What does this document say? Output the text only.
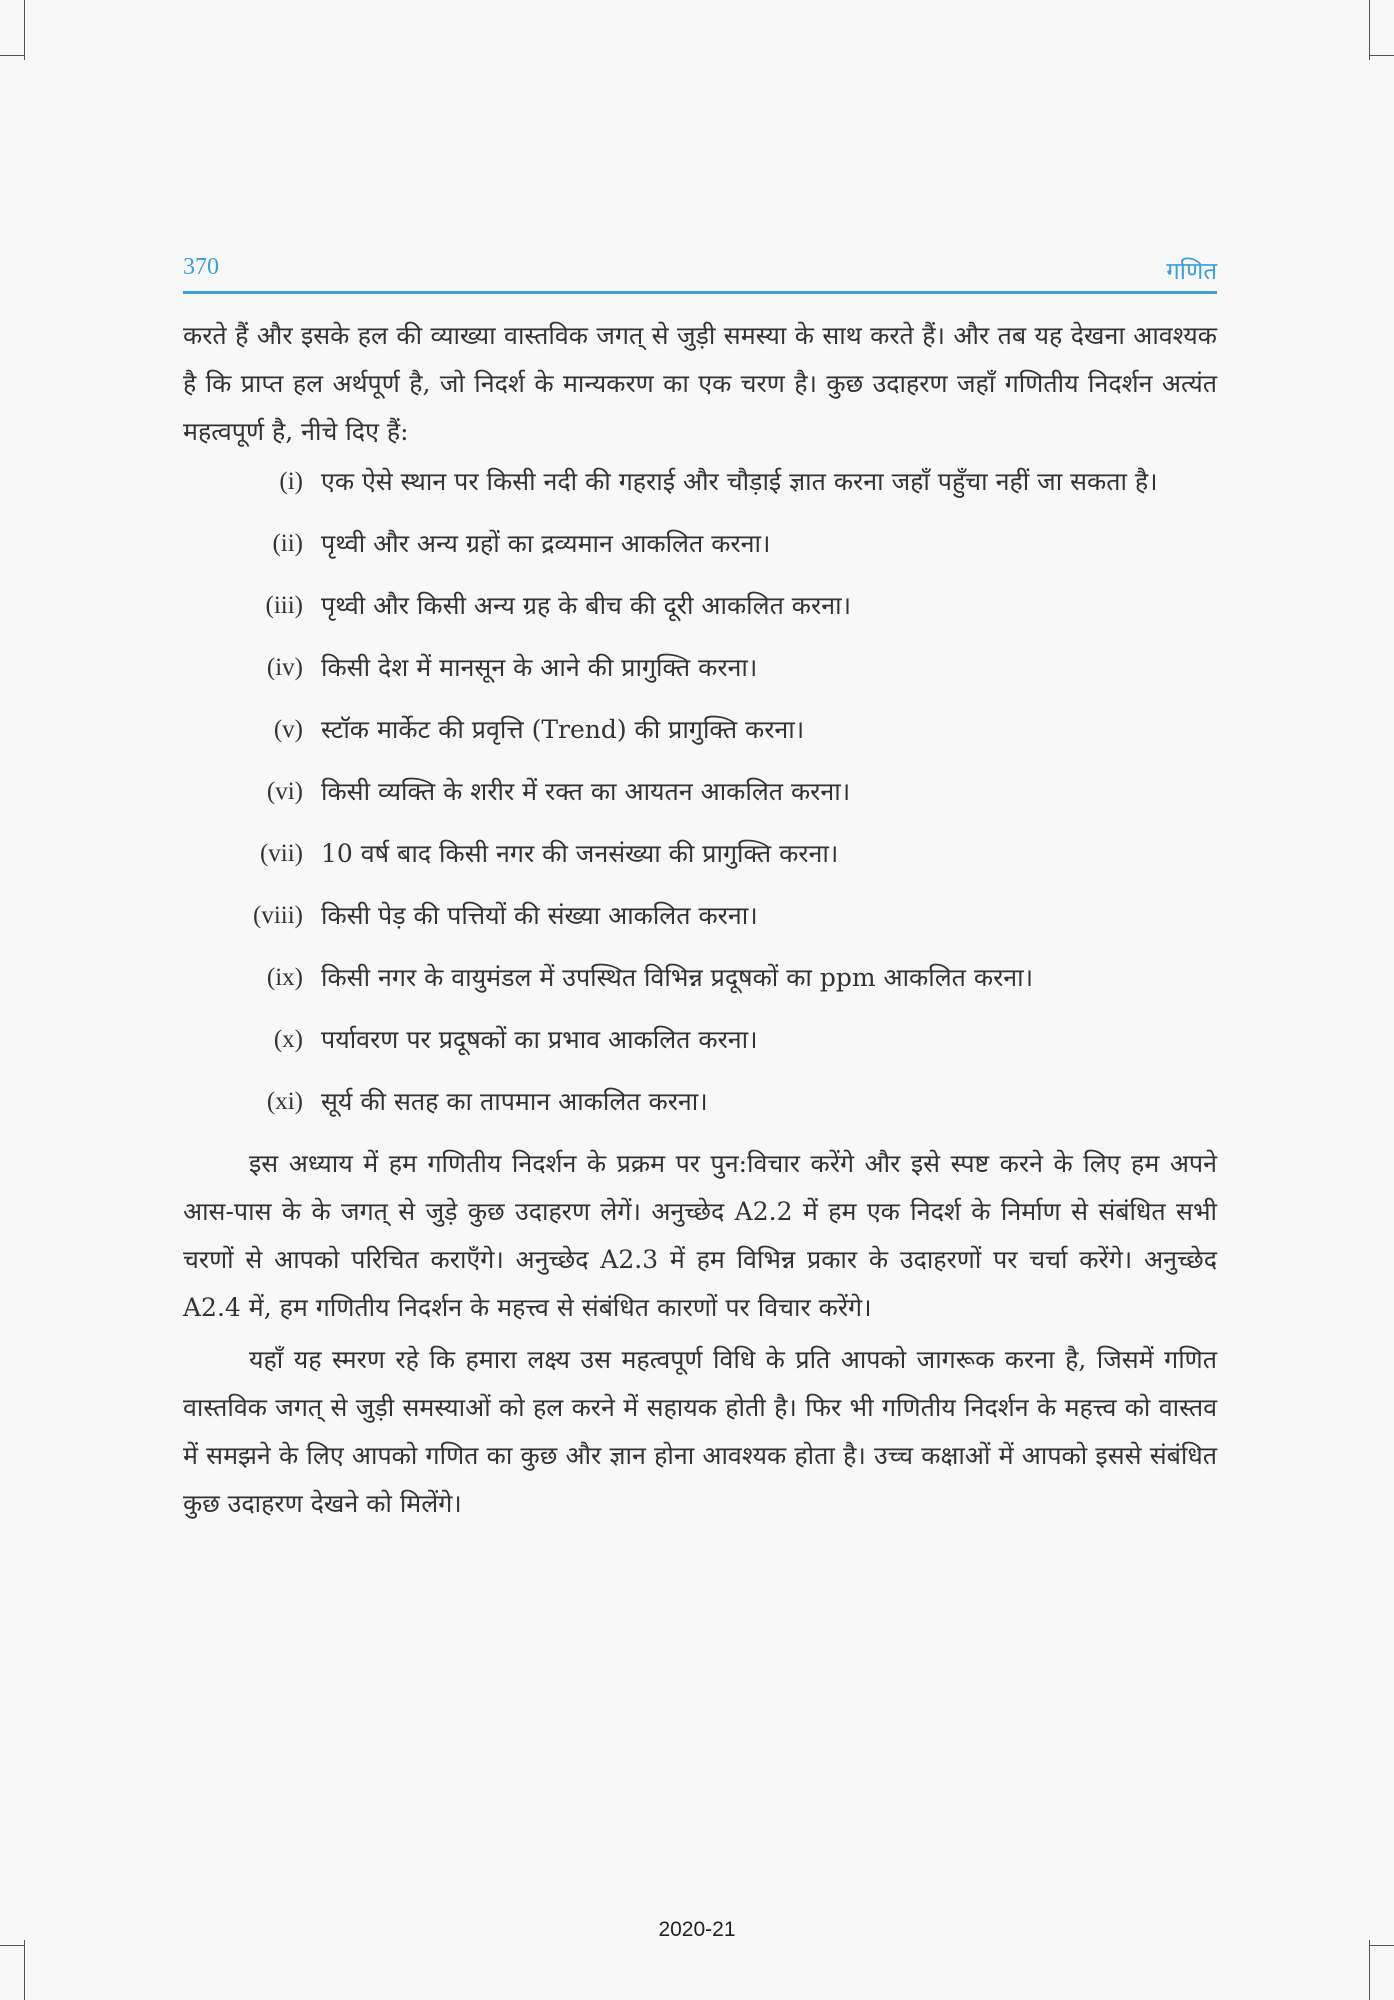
370	गणित

करते हैं और इसके हल की व्याख्या वास्तविक जगत् से जुड़ी समस्या के साथ करते हैं। और तब यह देखना आवश्यक है कि प्राप्त हल अर्थपूर्ण है, जो निदर्श के मान्यकरण का एक चरण है। कुछ उदाहरण जहाँ गणितीय निदर्शन अत्यंत महत्वपूर्ण है, नीचे दिए हैं:

(i) एक ऐसे स्थान पर किसी नदी की गहराई और चौड़ाई ज्ञात करना जहाँ पहुँचा नहीं जा सकता है।
(ii) पृथ्वी और अन्य ग्रहों का द्रव्यमान आकलित करना।
(iii) पृथ्वी और किसी अन्य ग्रह के बीच की दूरी आकलित करना।
(iv) किसी देश में मानसून के आने की प्रागुक्ति करना।
(v) स्टॉक मार्केट की प्रवृत्ति (Trend) की प्रागुक्ति करना।
(vi) किसी व्यक्ति के शरीर में रक्त का आयतन आकलित करना।
(vii) 10 वर्ष बाद किसी नगर की जनसंख्या की प्रागुक्ति करना।
(viii) किसी पेड़ की पत्तियों की संख्या आकलित करना।
(ix) किसी नगर के वायुमंडल में उपस्थित विभिन्न प्रदूषकों का ppm आकलित करना।
(x) पर्यावरण पर प्रदूषकों का प्रभाव आकलित करना।
(xi) सूर्य की सतह का तापमान आकलित करना।

इस अध्याय में हम गणितीय निदर्शन के प्रक्रम पर पुन:विचार करेंगे और इसे स्पष्ट करने के लिए हम अपने आस-पास के के जगत् से जुड़े कुछ उदाहरण लेगें। अनुच्छेद A2.2 में हम एक निदर्श के निर्माण से संबंधित सभी चरणों से आपको परिचित कराएँगे। अनुच्छेद A2.3 में हम विभिन्न प्रकार के उदाहरणों पर चर्चा करेंगे। अनुच्छेद A2.4 में, हम गणितीय निदर्शन के महत्त्व से संबंधित कारणों पर विचार करेंगे।

यहाँ यह स्मरण रहे कि हमारा लक्ष्य उस महत्वपूर्ण विधि के प्रति आपको जागरूक करना है, जिसमें गणित वास्तविक जगत् से जुड़ी समस्याओं को हल करने में सहायक होती है। फिर भी गणितीय निदर्शन के महत्त्व को वास्तव में समझने के लिए आपको गणित का कुछ और ज्ञान होना आवश्यक होता है। उच्च कक्षाओं में आपको इससे संबंधित कुछ उदाहरण देखने को मिलेंगे।

2020-21
